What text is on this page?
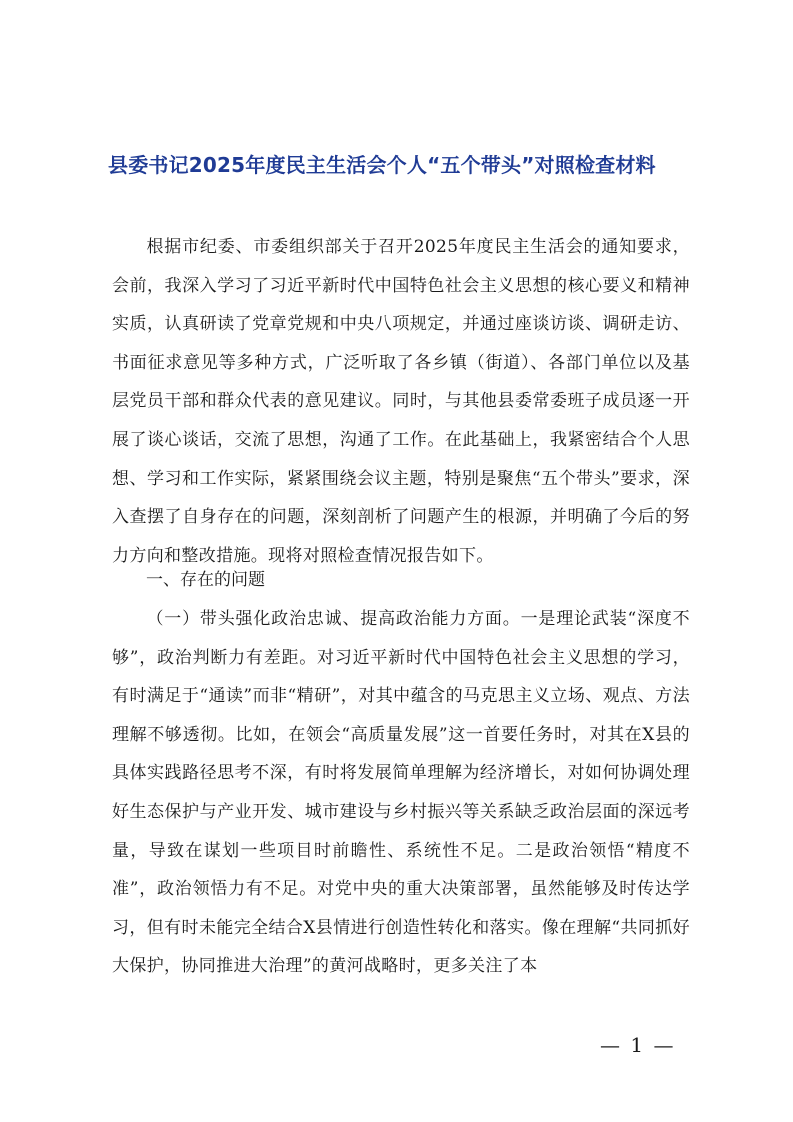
县委书记2025年度民主生活会个人“五个带头”对照检查材料
根据市纪委、市委组织部关于召开2025年度民主生活会的通知要求，会前，我深入学习了习近平新时代中国特色社会主义思想的核心要义和精神实质，认真研读了党章党规和中央八项规定，并通过座谈访谈、调研走访、书面征求意见等多种方式，广泛听取了各乡镇（街道）、各部门单位以及基层党员干部和群众代表的意见建议。同时，与其他县委常委班子成员逐一开展了谈心谈话，交流了思想，沟通了工作。在此基础上，我紧密结合个人思想、学习和工作实际，紧紧围绕会议主题，特别是聚焦“五个带头”要求，深入查摆了自身存在的问题，深刻剖析了问题产生的根源，并明确了今后的努力方向和整改措施。现将对照检查情况报告如下。
一、存在的问题
（一）带头强化政治忠诚、提高政治能力方面。一是理论武装“深度不够”，政治判断力有差距。对习近平新时代中国特色社会主义思想的学习，有时满足于“通读”而非“精研”，对其中蕴含的马克思主义立场、观点、方法理解不够透彻。比如，在领会“高质量发展”这一首要任务时，对其在X县的具体实践路径思考不深，有时将发展简单理解为经济增长，对如何协调处理好生态保护与产业开发、城市建设与乡村振兴等关系缺乏政治层面的深远考量，导致在谋划一些项目时前瞻性、系统性不足。二是政治领悟“精度不准”，政治领悟力有不足。对党中央的重大决策部署，虽然能够及时传达学习，但有时未能完全结合X县情进行创造性转化和落实。像在理解“共同抓好大保护，协同推进大治理”的黄河战略时，更多关注了本
— 1 —
